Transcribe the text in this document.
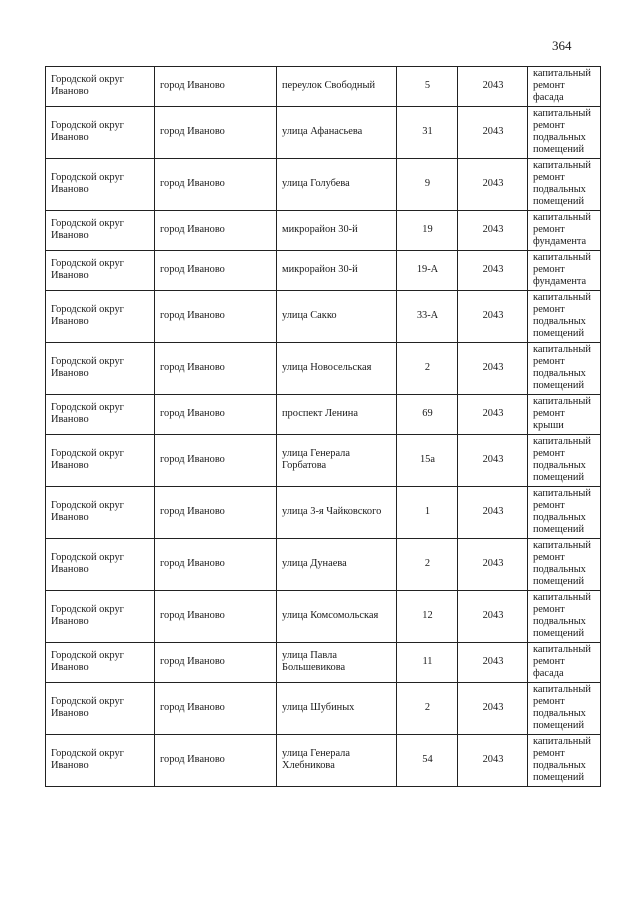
364
Городской округ Иваново	город Иваново	переулок Свободный	5	2043	капитальный ремонт фасада
Городской округ Иваново	город Иваново	улица Афанасьева	31	2043	капитальный ремонт подвальных помещений
Городской округ Иваново	город Иваново	улица Голубева	9	2043	капитальный ремонт подвальных помещений
Городской округ Иваново	город Иваново	микрорайон 30-й	19	2043	капитальный ремонт фундамента
Городской округ Иваново	город Иваново	микрорайон 30-й	19-А	2043	капитальный ремонт фундамента
Городской округ Иваново	город Иваново	улица Сакко	33-А	2043	капитальный ремонт подвальных помещений
Городской округ Иваново	город Иваново	улица Новосельская	2	2043	капитальный ремонт подвальных помещений
Городской округ Иваново	город Иваново	проспект Ленина	69	2043	капитальный ремонт крыши
Городской округ Иваново	город Иваново	улица Генерала Горбатова	15а	2043	капитальный ремонт подвальных помещений
Городской округ Иваново	город Иваново	улица 3-я Чайковского	1	2043	капитальный ремонт подвальных помещений
Городской округ Иваново	город Иваново	улица Дунаева	2	2043	капитальный ремонт подвальных помещений
Городской округ Иваново	город Иваново	улица Комсомольская	12	2043	капитальный ремонт подвальных помещений
Городской округ Иваново	город Иваново	улица Павла Большевикова	11	2043	капитальный ремонт фасада
Городской округ Иваново	город Иваново	улица Шубиных	2	2043	капитальный ремонт подвальных помещений
Городской округ Иваново	город Иваново	улица Генерала Хлебникова	54	2043	капитальный ремонт подвальных помещений
